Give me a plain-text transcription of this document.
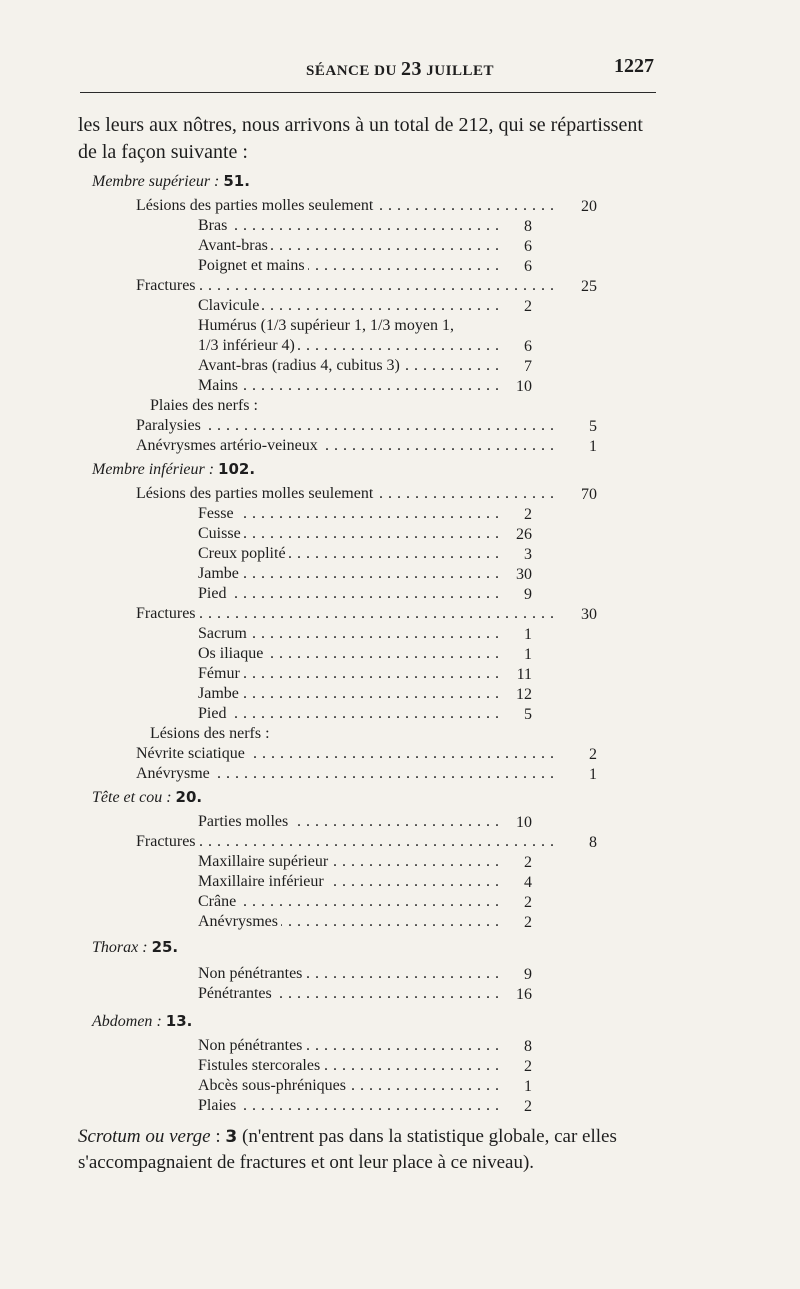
SÉANCE DU 23 JUILLET	1227
les leurs aux nôtres, nous arrivons à un total de 212, qui se répartissent de la façon suivante :
Membre supérieur : 51.
Lésions des parties molles seulement . . .	20
Bras . . .	8
Avant-bras . . .	6
Poignet et mains . . .	6
Fractures . . .	25
Clavicule . . .	2
Humérus (1/3 supérieur 1, 1/3 moyen 1,
1/3 inférieur 4) . . .	6
Avant-bras (radius 4, cubitus 3) . . .	7
Mains . . .	10
Plaies des nerfs :
Paralysies . . .	5
Anévrysmes artério-veineux . . .	1
Membre inférieur : 102.
Lésions des parties molles seulement . . .	70
Fesse . . .	2
Cuisse . . .	26
Creux poplité . . .	3
Jambe . . .	30
Pied . . .	9
Fractures . . .	30
Sacrum . . .	1
Os iliaque . . .	1
Fémur . . .	11
Jambe . . .	12
Pied . . .	5
Lésions des nerfs :
Névrite sciatique . . .	2
Anévrysme . . .	1
Tête et cou : 20.
Parties molles . . .	10
Fractures . . .	8
Maxillaire supérieur . . .	2
Maxillaire inférieur . . .	4
Crâne . . .	2
Anévrysmes . . .	2
Thorax : 25.
Non pénétrantes . . .	9
Pénétrantes . . .	16
Abdomen : 13.
Non pénétrantes . . .	8
Fistules stercorales . . .	2
Abcès sous-phréniques . . .	1
Plaies . . .	2
Scrotum ou verge : 3 (n'entrent pas dans la statistique globale, car elles s'accompagnaient de fractures et ont leur place à ce niveau).
